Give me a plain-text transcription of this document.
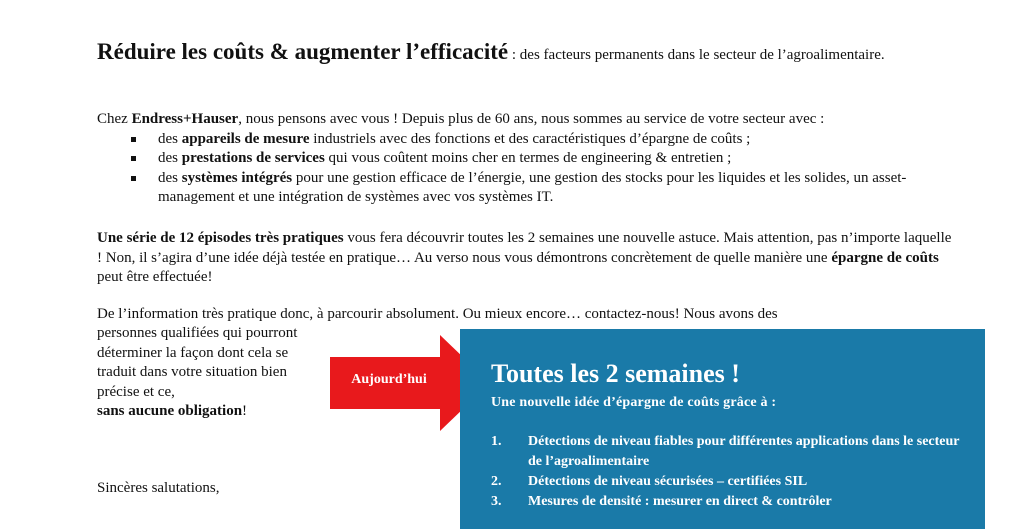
Réduire les coûts & augmenter l’efficacité : des facteurs permanents dans le secteur de l’agroalimentaire.

Chez Endress+Hauser, nous pensons avec vous ! Depuis plus de 60 ans, nous sommes au service de votre secteur avec :

des appareils de mesure industriels avec des fonctions et des caractéristiques d’épargne de coûts ;
des prestations de services qui vous coûtent moins cher en termes de engineering & entretien ;
des systèmes intégrés pour une gestion efficace de l’énergie, une gestion des stocks pour les liquides et les solides, un asset-management et une intégration de systèmes avec vos systèmes IT.

Une série de 12 épisodes très pratiques vous fera découvrir toutes les 2 semaines une nouvelle astuce. Mais attention, pas n’importe laquelle ! Non, il s’agira d’une idée déjà testée en pratique… Au verso nous vous démontrons concrètement de quelle manière une épargne de coûts peut être effectuée!

De l’information très pratique donc, à parcourir absolument. Ou mieux encore… contactez-nous! Nous avons des

personnes qualifiées qui pourront déterminer la façon dont cela se traduit dans votre situation bien précise et ce,
sans aucune obligation!

Sincères salutations,

Aujourd’hui	Toutes les 2 semaines !
Une nouvelle idée d’épargne de coûts grâce à :
1. Détections de niveau fiables pour différentes applications dans le secteur de l’agroalimentaire
2. Détections de niveau sécurisées – certifiées SIL
3. Mesures de densité : mesurer en direct & contrôler
